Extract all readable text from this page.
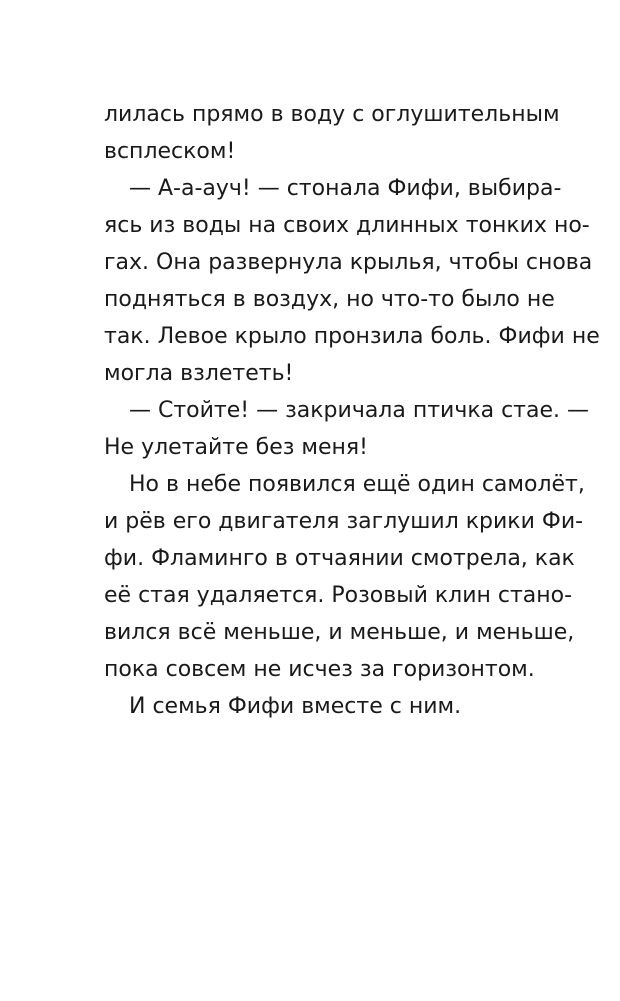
лилась прямо в воду с оглушительным
всплеском!
— А-а-ауч! — стонала Фифи, выбира-
ясь из воды на своих длинных тонких но-
гах. Она развернула крылья, чтобы снова
подняться в воздух, но что-то было не
так. Левое крыло пронзила боль. Фифи не
могла взлететь!
— Стойте! — закричала птичка стае. —
Не улетайте без меня!
Но в небе появился ещё один самолёт,
и рёв его двигателя заглушил крики Фи-
фи. Фламинго в отчаянии смотрела, как
её стая удаляется. Розовый клин стано-
вился всё меньше, и меньше, и меньше,
пока совсем не исчез за горизонтом.
И семья Фифи вместе с ним.
